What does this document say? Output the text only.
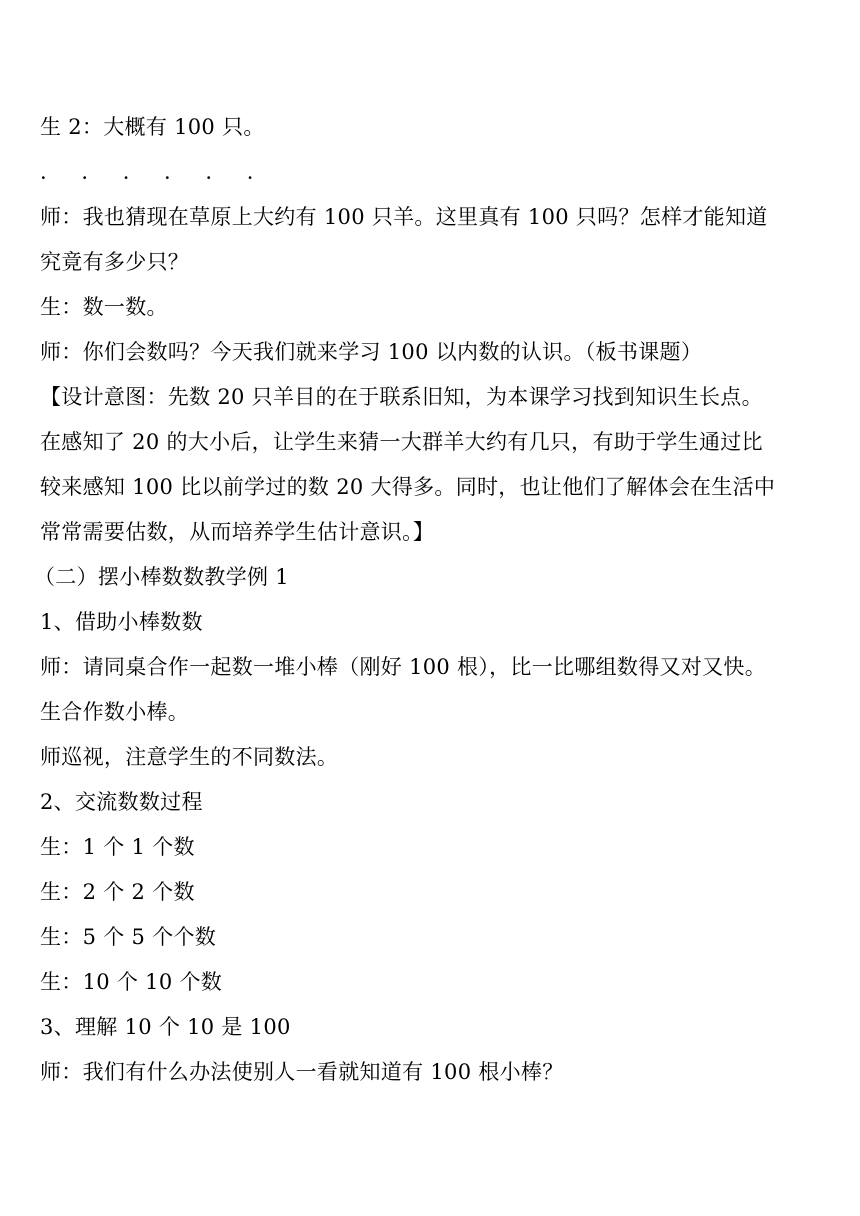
生 2：大概有 100 只。
· · · · · ·
师：我也猜现在草原上大约有 100 只羊。这里真有 100 只吗？怎样才能知道
究竟有多少只？
生：数一数。
师：你们会数吗？今天我们就来学习 100 以内数的认识。（板书课题）
【设计意图：先数 20 只羊目的在于联系旧知，为本课学习找到知识生长点。
在感知了 20 的大小后，让学生来猜一大群羊大约有几只，有助于学生通过比
较来感知 100 比以前学过的数 20 大得多。同时，也让他们了解体会在生活中
常常需要估数，从而培养学生估计意识。】
（二）摆小棒数数教学例 1
1、借助小棒数数
师：请同桌合作一起数一堆小棒（刚好 100 根），比一比哪组数得又对又快。
生合作数小棒。
师巡视，注意学生的不同数法。
2、交流数数过程
生：1 个 1 个数
生：2 个 2 个数
生：5 个 5 个个数
生：10 个 10 个数
3、理解 10 个 10 是 100
师：我们有什么办法使别人一看就知道有 100 根小棒？
